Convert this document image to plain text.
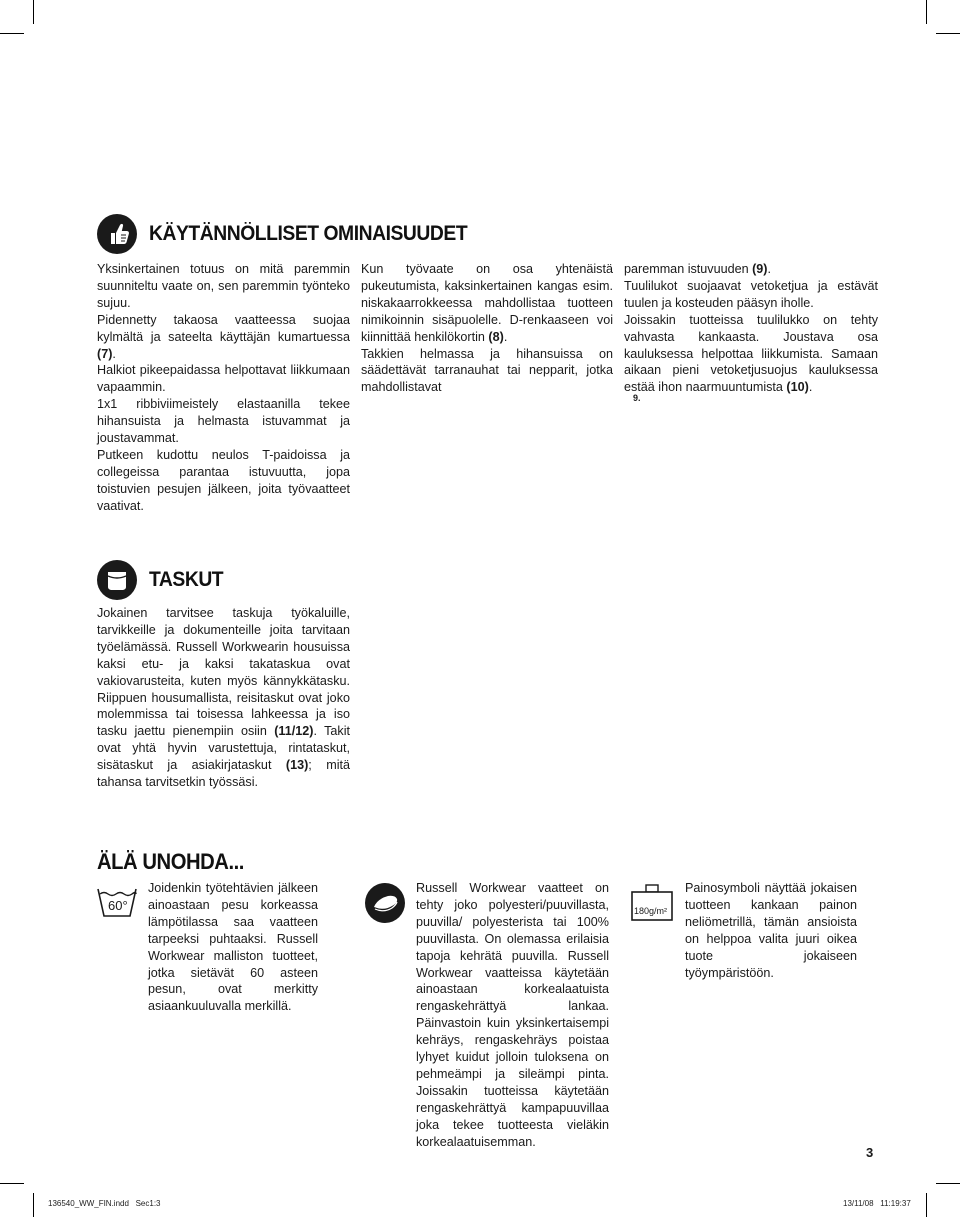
KÄYTÄNNÖLLISET OMINAISUUDET

Yksinkertainen totuus on mitä paremmin suunniteltu vaate on, sen paremmin työnteko sujuu.

Pidennetty takaosa vaatteessa suojaa kylmältä ja sateelta käyttäjän kumartuessa (7).

Halkiot pikeepaidassa helpottavat liikkumaan vapaammin.

1x1 ribbiviimeistely elastaanilla tekee hihansuista ja helmasta istuvammat ja joustavammat.

Putkeen kudottu neulos T-paidoissa ja collegeissa parantaa istuvuutta, jopa toistuvien pesujen jälkeen, joita työvaatteet vaativat.

Kun työvaate on osa yhtenäistä pukeutumista, kaksinkertainen kangas esim. niskakaarrokkeessa mahdollistaa tuotteen nimikoinnin sisäpuolelle. D-renkaaseen voi kiinnittää henkilökortin (8).

Takkien helmassa ja hihansuissa on säädettävät tarranauhat tai nepparit, jotka mahdollistavat

paremman istuvuuden (9).

Tuulilukot suojaavat vetoketjua ja estävät tuulen ja kosteuden pääsyn iholle.

Joissakin tuotteissa tuulilukko on tehty vahvasta kankaasta. Joustava osa kauluksessa helpottaa liikkumista. Samaan aikaan pieni vetoketjusuojus kauluksessa estää ihon naarmuuntumista (10).

9.
TASKUT

Jokainen tarvitsee taskuja työkaluille, tarvikkeille ja dokumenteille joita tarvitaan työelämässä. Russell Workwearin housuissa kaksi etu- ja kaksi takataskua ovat vakiovarusteita, kuten myös kännykkätasku. Riippuen housumallista, reisitaskut ovat joko molemmissa tai toisessa lahkeessa ja iso tasku jaettu pienempiin osiin (11/12). Takit ovat yhtä hyvin varustettuja, rintataskut, sisätaskut ja asiakirjataskut (13); mitä tahansa tarvitsetkin työssäsi.

ÄLÄ UNOHDA...
60°

Joidenkin työtehtävien jälkeen ainoastaan pesu korkeassa lämpötilassa saa vaatteen tarpeeksi puhtaaksi. Russell Workwear malliston tuotteet, jotka sietävät 60 asteen pesun, ovat merkitty asiaankuuluvalla merkillä.

Russell Workwear vaatteet on tehty joko polyesteri/puuvillasta, puuvilla/ polyesterista tai 100% puuvillasta. On olemassa erilaisia tapoja kehrätä puuvilla. Russell Workwear vaatteissa käytetään ainoastaan korkealaatuista rengaskehrättyä lankaa. Päinvastoin kuin yksinkertaisempi kehräys, rengaskehräys poistaa lyhyet kuidut jolloin tuloksena on pehmeämpi ja sileämpi pinta. Joissakin tuotteissa käytetään rengaskehrättyä kampapuuvillaa joka tekee tuotteesta vieläkin korkealaatuisemman.

180g/m²

Painosymboli näyttää jokaisen tuotteen kankaan painon neliömetrillä, tämän ansioista on helppoa valita juuri oikea tuote jokaiseen työympäristöön.

3
136540_WW_FIN.indd   Sec1:3	13/11/08   11:19:37
